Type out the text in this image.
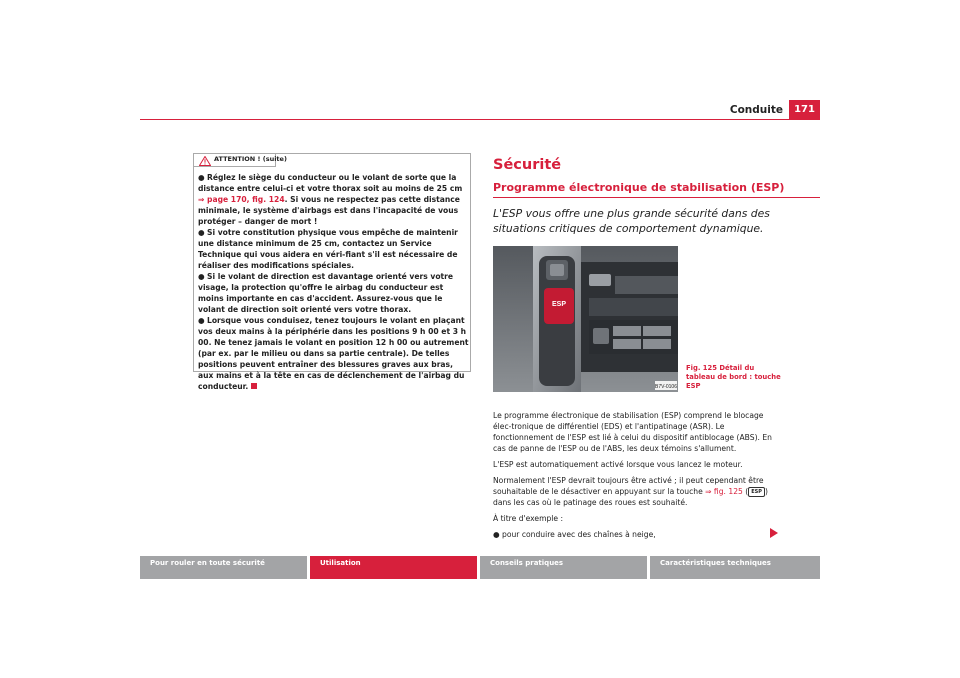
Conduite	171
ATTENTION ! (suite)

● Réglez le siège du conducteur ou le volant de sorte que la distance entre celui-ci et votre thorax soit au moins de 25 cm ⇒ page 170, fig. 124. Si vous ne respectez pas cette distance minimale, le système d'airbags est dans l'incapacité de vous protéger – danger de mort !

● Si votre constitution physique vous empêche de maintenir une distance minimum de 25 cm, contactez un Service Technique qui vous aidera en véri-fiant s'il est nécessaire de réaliser des modifications spéciales.

● Si le volant de direction est davantage orienté vers votre visage, la protection qu'offre le airbag du conducteur est moins importante en cas d'accident. Assurez-vous que le volant de direction soit orienté vers votre thorax.

● Lorsque vous conduisez, tenez toujours le volant en plaçant vos deux mains à la périphérie dans les positions 9 h 00 et 3 h 00. Ne tenez jamais le volant en position 12 h 00 ou autrement (par ex. par le milieu ou dans sa partie centrale). De telles positions peuvent entraîner des blessures graves aux bras, aux mains et à la tête en cas de déclenchement de l'airbag du conducteur.

Sécurité
Programme électronique de stabilisation (ESP)
L'ESP vous offre une plus grande sécurité dans des situations critiques de comportement dynamique.
ESP
B7V-0106
Fig. 125 Détail du
tableau de bord : touche
ESP

Le programme électronique de stabilisation (ESP) comprend le blocage élec-tronique de différentiel (EDS) et l'antipatinage (ASR). Le fonctionnement de l'ESP est lié à celui du dispositif antiblocage (ABS). En cas de panne de l'ESP ou de l'ABS, les deux témoins s'allument.

L'ESP est automatiquement activé lorsque vous lancez le moteur.

Normalement l'ESP devrait toujours être activé ; il peut cependant être souhaitable de le désactiver en appuyant sur la touche ⇒ fig. 125 ( ESP ) dans les cas où le patinage des roues est souhaité.

À titre d'exemple :

● pour conduire avec des chaînes à neige,

Pour rouler en toute sécurité	Utilisation	Conseils pratiques	Caractéristiques techniques
